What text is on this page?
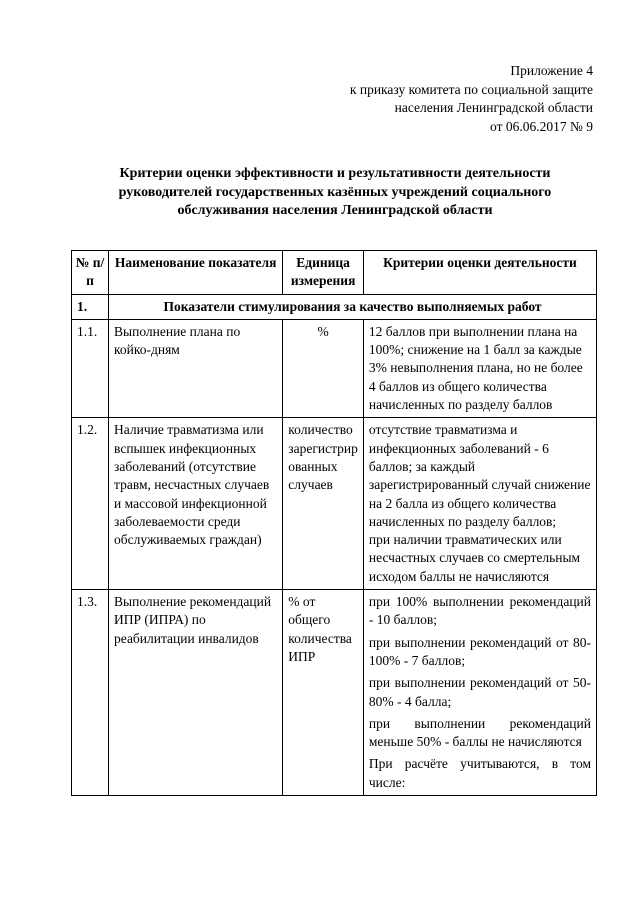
Приложение 4
к приказу комитета по социальной защите
населения Ленинградской области
от 06.06.2017 № 9
Критерии оценки эффективности и результативности деятельности
руководителей государственных казённых учреждений социального
обслуживания населения Ленинградской области
№ п/п	Наименование показателя	Единица измерения	Критерии оценки деятельности
1.	Показатели стимулирования за качество выполняемых работ		
1.1.	Выполнение плана по койко-дням	%	12 баллов при выполнении плана на 100%; снижение на 1 балл за каждые 3% невыполнения плана, но не более 4 баллов из общего количества начисленных по разделу баллов

1.2.	Наличие травматизма или вспышек инфекционных заболеваний (отсутствие травм, несчастных случаев и массовой инфекционной заболеваемости среди обслуживаемых граждан)	количество зарегистрир ованных случаев	отсутствие травматизма и инфекционных заболеваний - 6 баллов; за каждый зарегистрированный случай снижение на 2 балла из общего количества начисленных по разделу баллов;
при наличии травматических или несчастных случаев со смертельным исходом баллы не начисляются

1.3.	Выполнение рекомендаций ИПР (ИПРА) по реабилитации инвалидов	% от общего количества ИПР	при 100% выполнении рекомендаций - 10 баллов;

при выполнении рекомендаций от 80-100% - 7 баллов;

при выполнении рекомендаций от 50-80% - 4 балла;

при выполнении рекомендаций меньше 50% - баллы не начисляются

При расчёте учитываются, в том числе:
